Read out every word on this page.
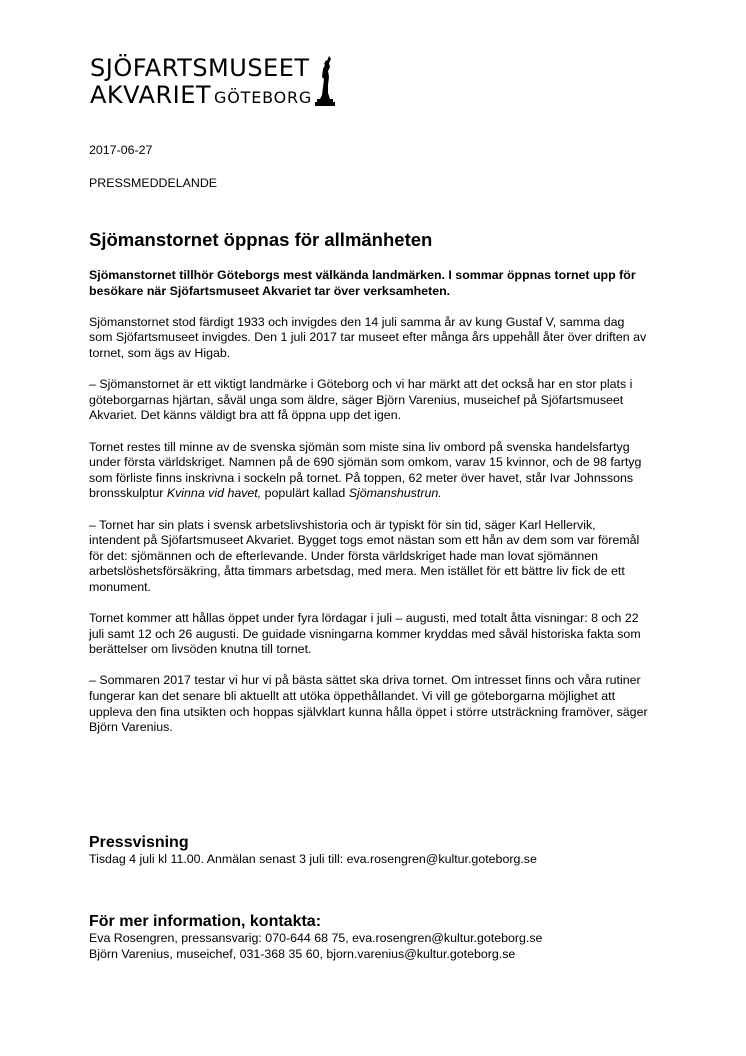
SJÖFARTSMUSEET
AKVARIET GÖTEBORG
2017-06-27
PRESSMEDDELANDE
Sjömanstornet öppnas för allmänheten

Sjömanstornet tillhör Göteborgs mest välkända landmärken. I sommar öppnas tornet upp för besökare när Sjöfartsmuseet Akvariet tar över verksamheten.

Sjömanstornet stod färdigt 1933 och invigdes den 14 juli samma år av kung Gustaf V, samma dag som Sjöfartsmuseet invigdes. Den 1 juli 2017 tar museet efter många års uppehåll åter över driften av tornet, som ägs av Higab.

– Sjömanstornet är ett viktigt landmärke i Göteborg och vi har märkt att det också har en stor plats i göteborgarnas hjärtan, såväl unga som äldre, säger Björn Varenius, museichef på Sjöfartsmuseet Akvariet. Det känns väldigt bra att få öppna upp det igen.

Tornet restes till minne av de svenska sjömän som miste sina liv ombord på svenska handelsfartyg under första världskriget. Namnen på de 690 sjömän som omkom, varav 15 kvinnor, och de 98 fartyg som förliste finns inskrivna i sockeln på tornet. På toppen, 62 meter över havet, står Ivar Johnssons bronsskulptur Kvinna vid havet, populärt kallad Sjömanshustrun.

– Tornet har sin plats i svensk arbetslivshistoria och är typiskt för sin tid, säger Karl Hellervik, intendent på Sjöfartsmuseet Akvariet. Bygget togs emot nästan som ett hån av dem som var föremål för det: sjömännen och de efterlevande. Under första världskriget hade man lovat sjömännen arbetslöshetsförsäkring, åtta timmars arbetsdag, med mera. Men istället för ett bättre liv fick de ett monument.

Tornet kommer att hållas öppet under fyra lördagar i juli – augusti, med totalt åtta visningar: 8 och 22 juli samt 12 och 26 augusti. De guidade visningarna kommer kryddas med såväl historiska fakta som berättelser om livsöden knutna till tornet.

– Sommaren 2017 testar vi hur vi på bästa sättet ska driva tornet. Om intresset finns och våra rutiner fungerar kan det senare bli aktuellt att utöka öppethållandet. Vi vill ge göteborgarna möjlighet att uppleva den fina utsikten och hoppas självklart kunna hålla öppet i större utsträckning framöver, säger Björn Varenius.

Pressvisning

Tisdag 4 juli kl 11.00. Anmälan senast 3 juli till: eva.rosengren@kultur.goteborg.se

För mer information, kontakta:

Eva Rosengren, pressansvarig: 070-644 68 75, eva.rosengren@kultur.goteborg.se

Björn Varenius, museichef, 031-368 35 60, bjorn.varenius@kultur.goteborg.se
